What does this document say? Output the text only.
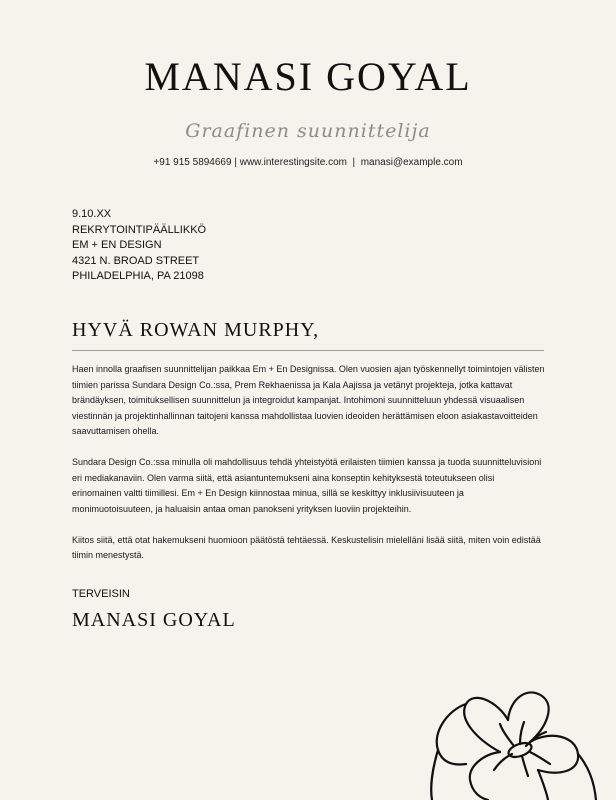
MANASI GOYAL
Graafinen suunnittelija
+91 915 5894669 | www.interestingsite.com  |  manasi@example.com
9.10.XX
REKRYTOINTIPÄÄLLIKKÖ
EM + EN DESIGN
4321 N. BROAD STREET
PHILADELPHIA, PA 21098
HYVÄ ROWAN MURPHY,

Haen innolla graafisen suunnittelijan paikkaa Em + En Designissa. Olen vuosien ajan työskennellyt toimintojen välisten tiimien parissa Sundara Design Co.:ssa, Prem Rekhaenissa ja Kala Aajissa ja vetänyt projekteja, jotka kattavat brändäyksen, toimituksellisen suunnittelun ja integroidut kampanjat. Intohimoni suunnitteluun yhdessä visuaalisen viestinnän ja projektinhallinnan taitojeni kanssa mahdollistaa luovien ideoiden herättämisen eloon asiakastavoitteiden saavuttamisen ohella.

Sundara Design Co.:ssa minulla oli mahdollisuus tehdä yhteistyötä erilaisten tiimien kanssa ja tuoda suunnitteluvisioni eri mediakanaviin. Olen varma siitä, että asiantuntemukseni aina konseptin kehityksestä toteutukseen olisi erinomainen valtti tiimillesi. Em + En Design kiinnostaa minua, sillä se keskittyy inklusiivisuuteen ja monimuotoisuuteen, ja haluaisin antaa oman panokseni yrityksen luoviin projekteihin.

Kiitos siitä, että otat hakemukseni huomioon päätöstä tehtäessä. Keskustelisin mielelläni lisää siitä, miten voin edistää tiimin menestystä.

TERVEISIN
MANASI GOYAL
